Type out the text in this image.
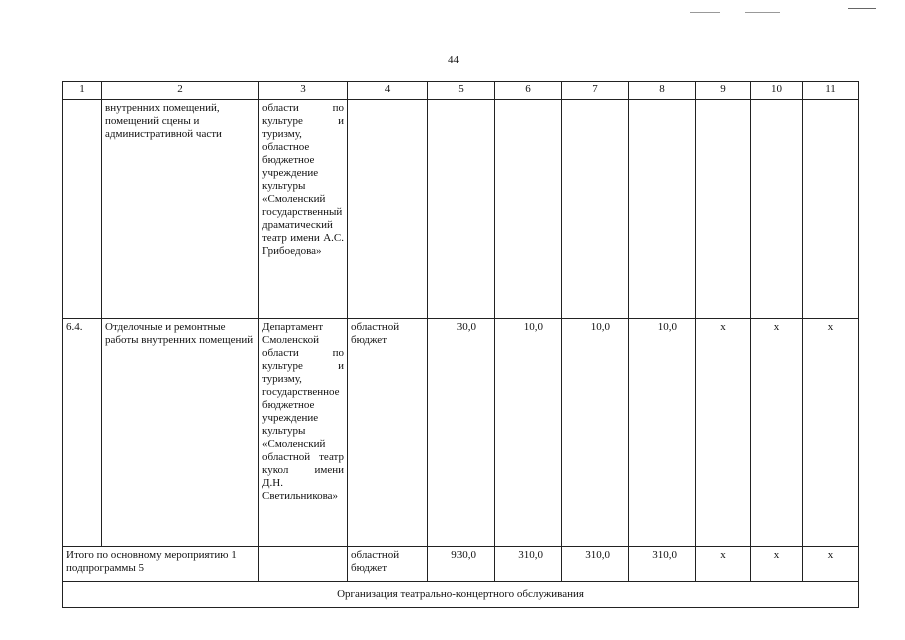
44
1	2	3	4	5	6	7	8	9	10	11
	внутренних помещений, помещений сцены и административной части	области по культуре и туризму, областное бюджетное учреждение культуры «Смоленский государственный драматический театр имени А.С. Грибоедова»								
6.4.	Отделочные и ремонтные работы внутренних помещений	Департамент Смоленской области по культуре и туризму, государственное бюджетное учреждение культуры «Смоленский областной театр кукол имени Д.Н. Светильникова»	областной бюджет	30,0	10,0	10,0	10,0	х	х	х
Итого по основному мероприятию 1 подпрограммы 5			областной бюджет	930,0	310,0	310,0	310,0	х	х	х
Организация театрально-концертного обслуживания										
